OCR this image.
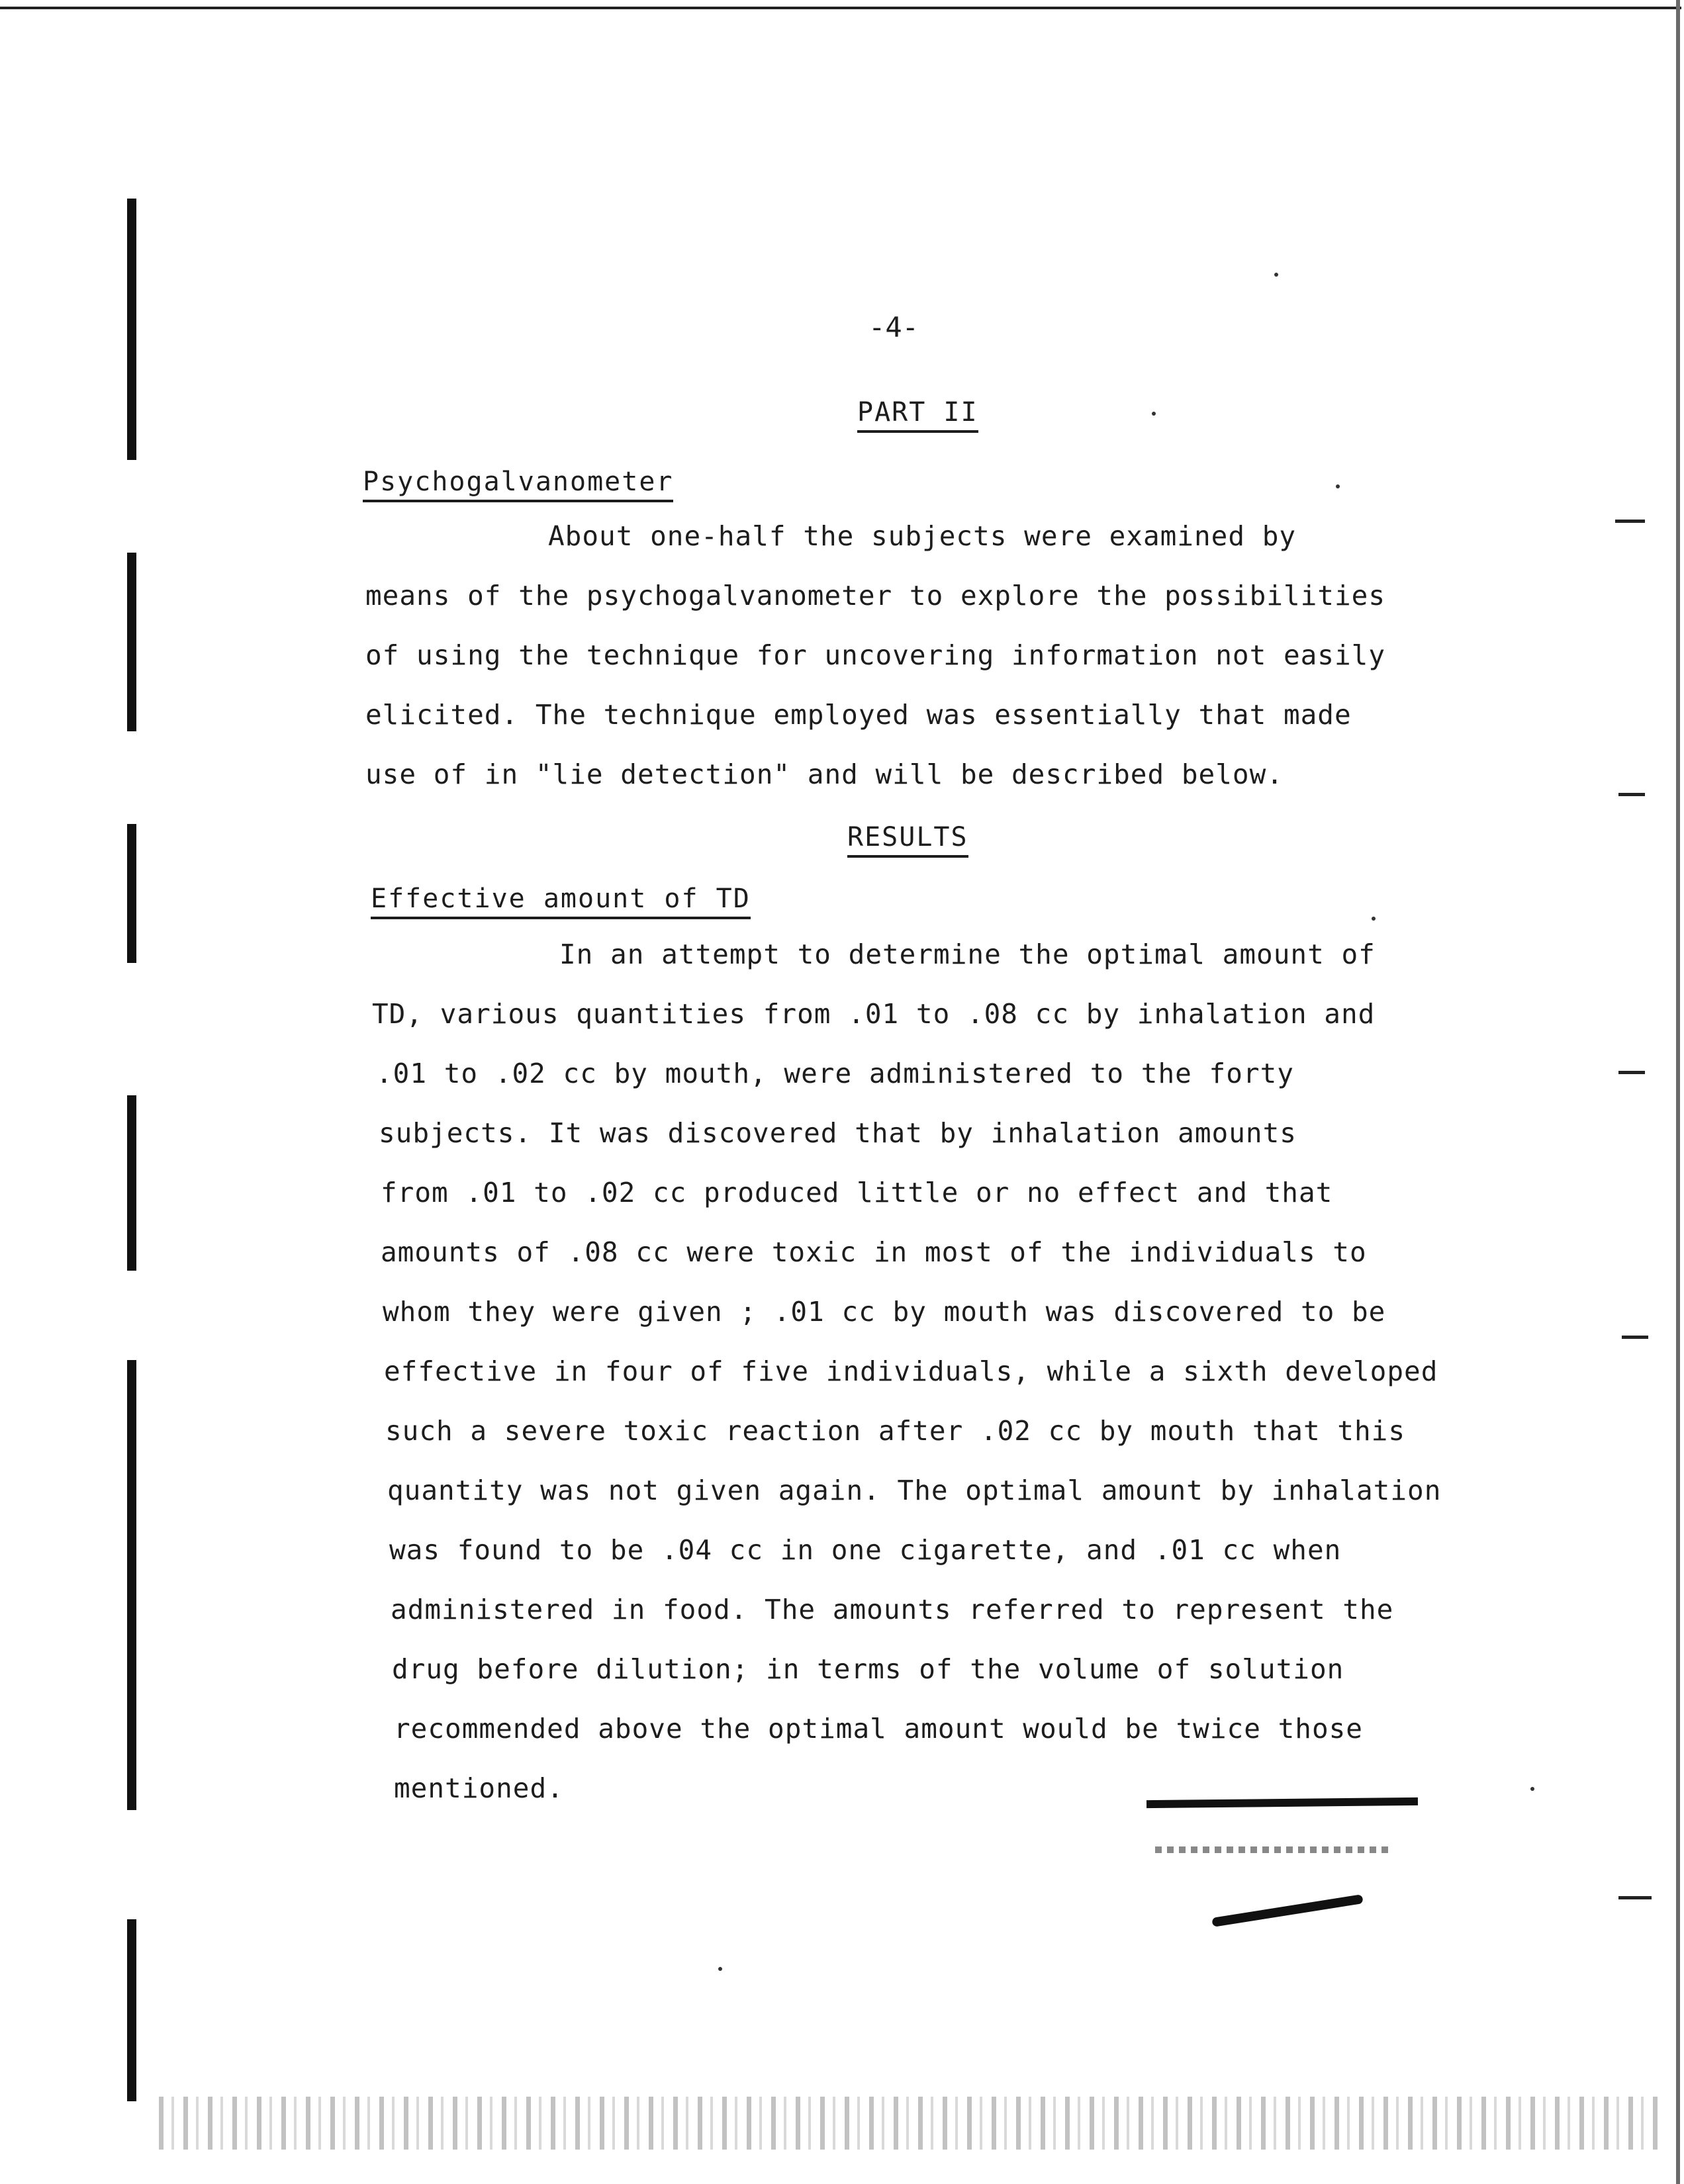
-4-
PART II
Psychogalvanometer
About one-half the subjects were examined by
means of the psychogalvanometer to explore the possibilities
of using the technique for uncovering information not easily
elicited. The technique employed was essentially that made
use of in "lie detection" and will be described below.
RESULTS
Effective amount of TD
In an attempt to determine the optimal amount of
TD, various quantities from .01 to .08 cc by inhalation and
.01 to .02 cc by mouth, were administered to the forty
subjects. It was discovered that by inhalation amounts
from .01 to .02 cc produced little or no effect and that
amounts of .08 cc were toxic in most of the individuals to
whom they were given ; .01 cc by mouth was discovered to be
effective in four of five individuals, while a sixth developed
such a severe toxic reaction after .02 cc by mouth that this
quantity was not given again. The optimal amount by inhalation
was found to be .04 cc in one cigarette, and .01 cc when
administered in food. The amounts referred to represent the
drug before dilution; in terms of the volume of solution
recommended above the optimal amount would be twice those
mentioned.
